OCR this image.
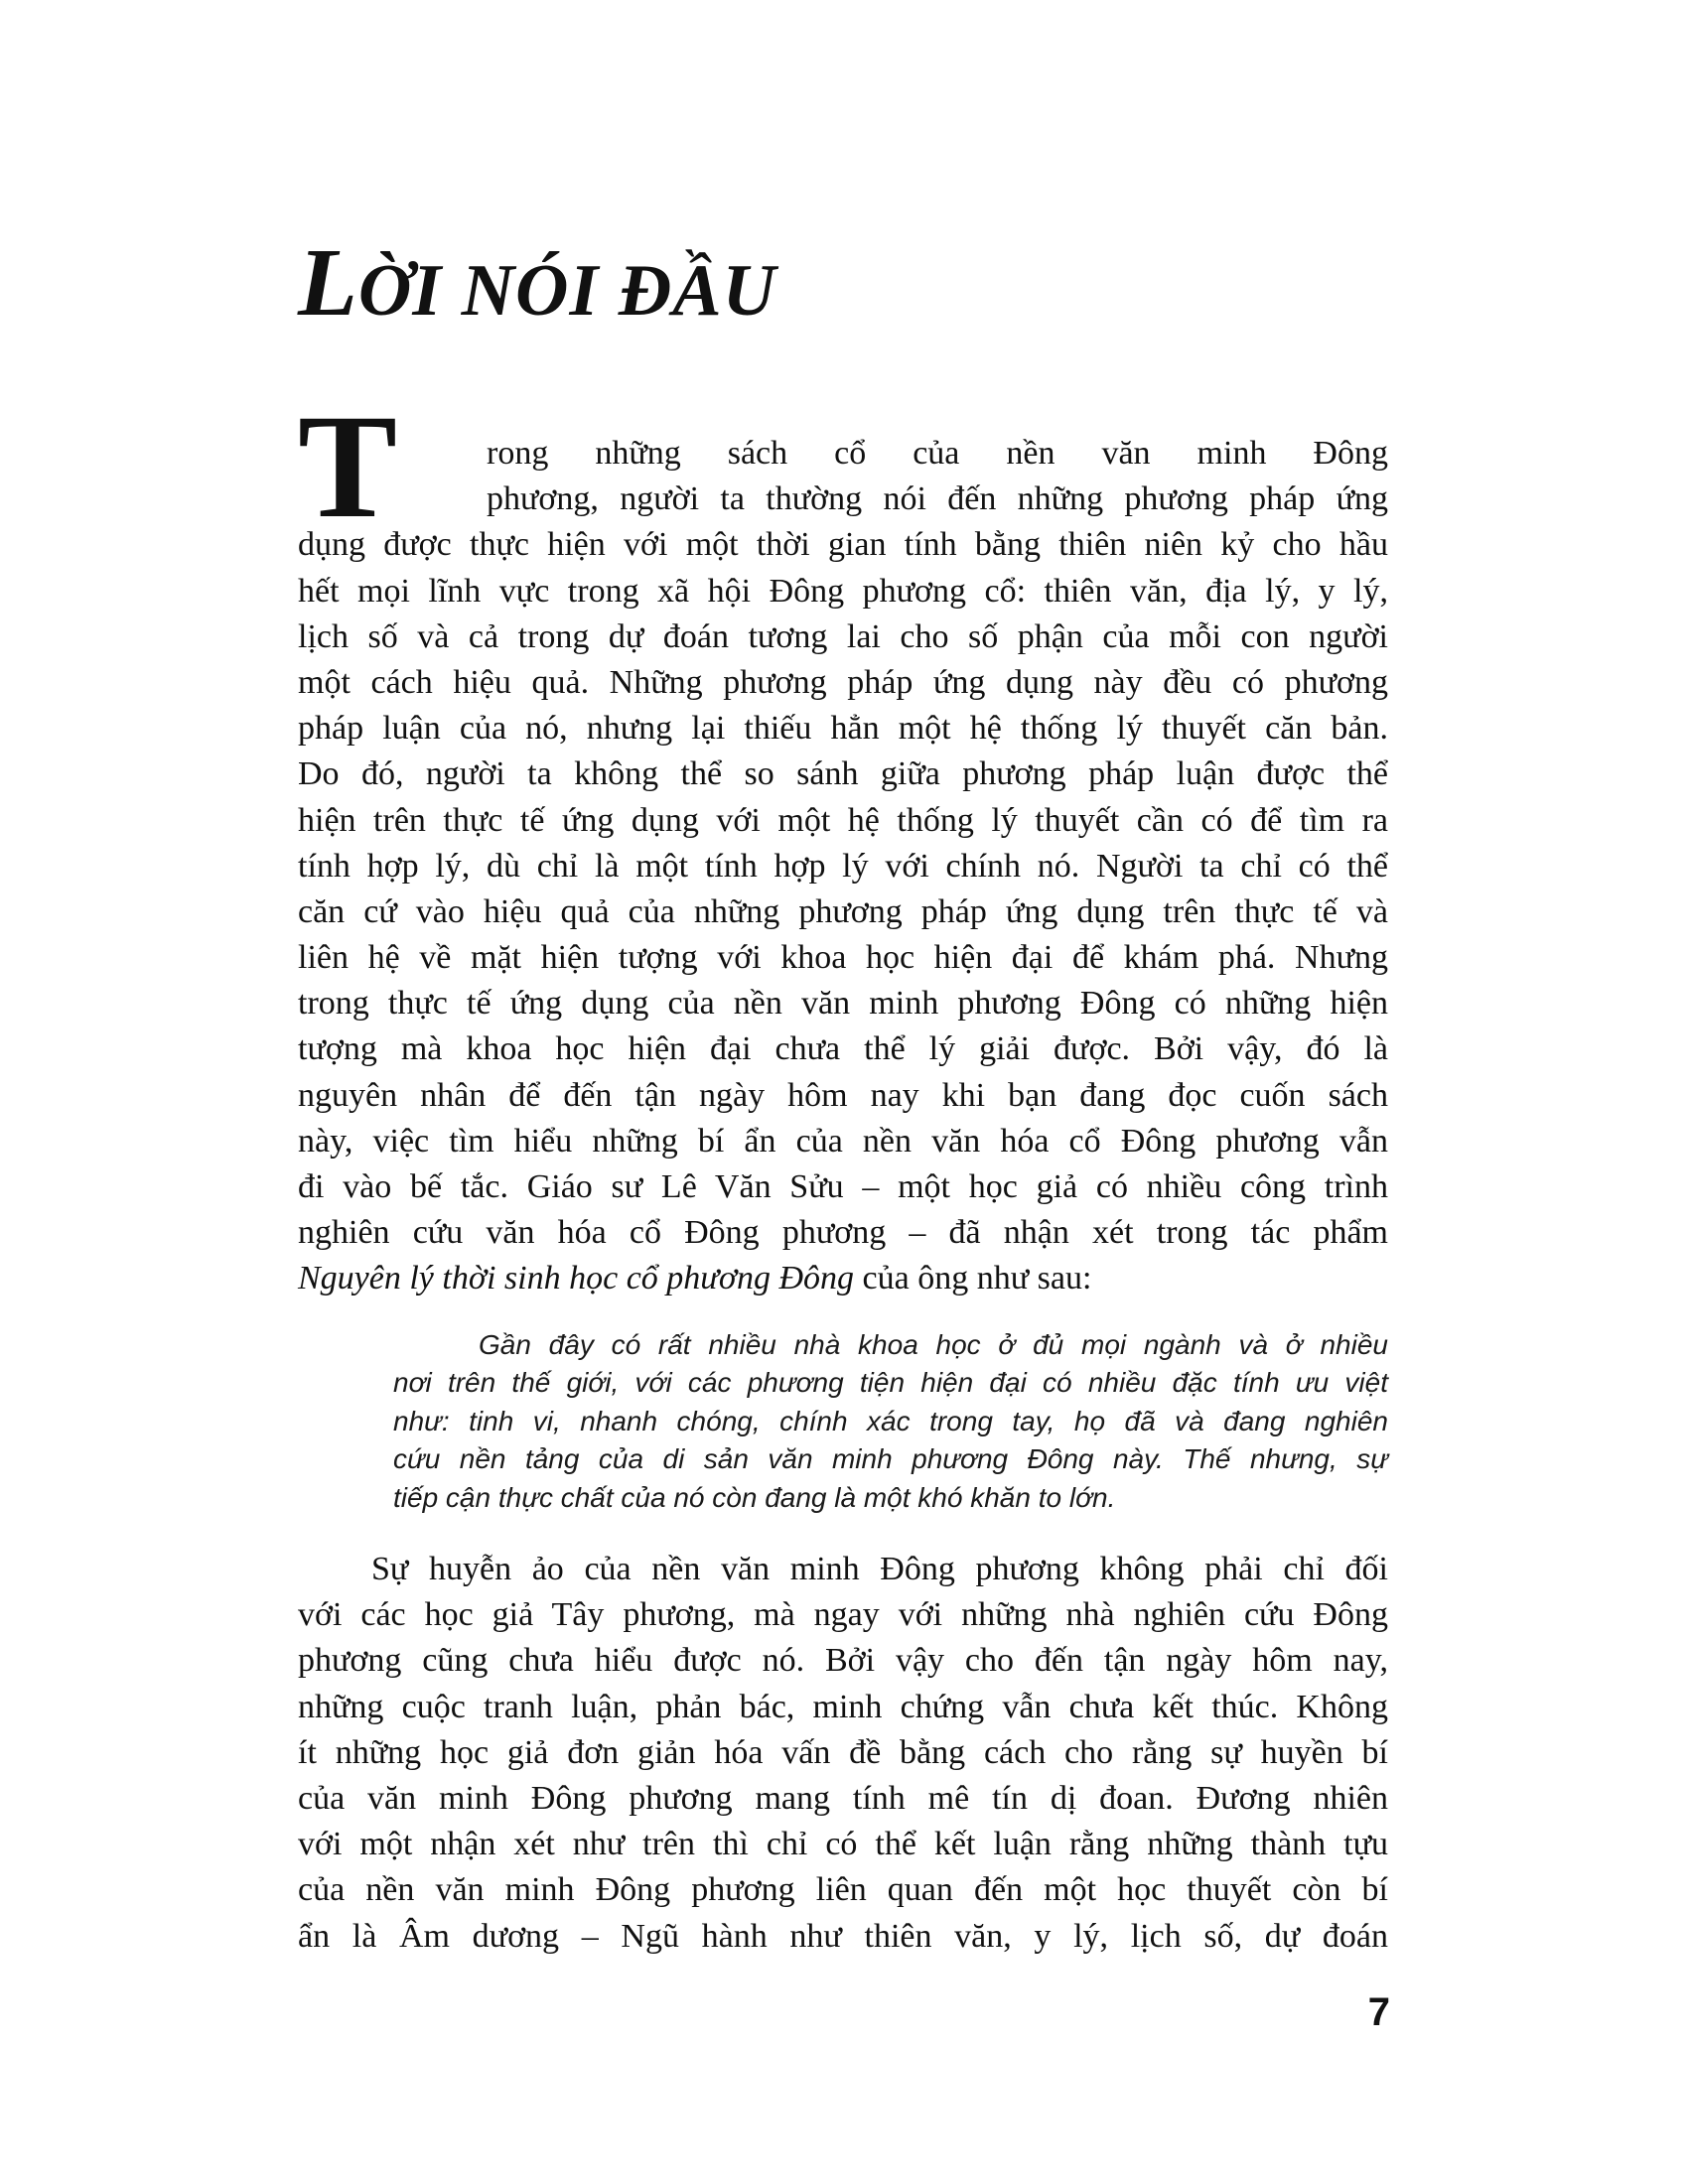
LỜI NÓI ĐẦU
T	rong những sách cổ của nền văn minh Đông
phương, người ta thường nói đến những phương pháp ứng
dụng được thực hiện với một thời gian tính bằng thiên niên kỷ cho hầu
hết mọi lĩnh vực trong xã hội Đông phương cổ: thiên văn, địa lý, y lý,
lịch số và cả trong dự đoán tương lai cho số phận của mỗi con người
một cách hiệu quả. Những phương pháp ứng dụng này đều có phương
pháp luận của nó, nhưng lại thiếu hẳn một hệ thống lý thuyết căn bản.
Do đó, người ta không thể so sánh giữa phương pháp luận được thể
hiện trên thực tế ứng dụng với một hệ thống lý thuyết cần có để tìm ra
tính hợp lý, dù chỉ là một tính hợp lý với chính nó. Người ta chỉ có thể
căn cứ vào hiệu quả của những phương pháp ứng dụng trên thực tế và
liên hệ về mặt hiện tượng với khoa học hiện đại để khám phá. Nhưng
trong thực tế ứng dụng của nền văn minh phương Đông có những hiện
tượng mà khoa học hiện đại chưa thể lý giải được. Bởi vậy, đó là
nguyên nhân để đến tận ngày hôm nay khi bạn đang đọc cuốn sách
này, việc tìm hiểu những bí ẩn của nền văn hóa cổ Đông phương vẫn
đi vào bế tắc. Giáo sư Lê Văn Sửu – một học giả có nhiều công trình
nghiên cứu văn hóa cổ Đông phương – đã nhận xét trong tác phẩm
Nguyên lý thời sinh học cổ phương Đông của ông như sau:
Gần đây có rất nhiều nhà khoa học ở đủ mọi ngành và ở nhiều
nơi trên thế giới, với các phương tiện hiện đại có nhiều đặc tính ưu việt
như: tinh vi, nhanh chóng, chính xác trong tay, họ đã và đang nghiên
cứu nền tảng của di sản văn minh phương Đông này. Thế nhưng, sự
tiếp cận thực chất của nó còn đang là một khó khăn to lớn.
Sự huyễn ảo của nền văn minh Đông phương không phải chỉ đối
với các học giả Tây phương, mà ngay với những nhà nghiên cứu Đông
phương cũng chưa hiểu được nó. Bởi vậy cho đến tận ngày hôm nay,
những cuộc tranh luận, phản bác, minh chứng vẫn chưa kết thúc. Không
ít những học giả đơn giản hóa vấn đề bằng cách cho rằng sự huyền bí
của văn minh Đông phương mang tính mê tín dị đoan. Đương nhiên
với một nhận xét như trên thì chỉ có thể kết luận rằng những thành tựu
của nền văn minh Đông phương liên quan đến một học thuyết còn bí
ẩn là Âm dương – Ngũ hành như thiên văn, y lý, lịch số, dự đoán
7
